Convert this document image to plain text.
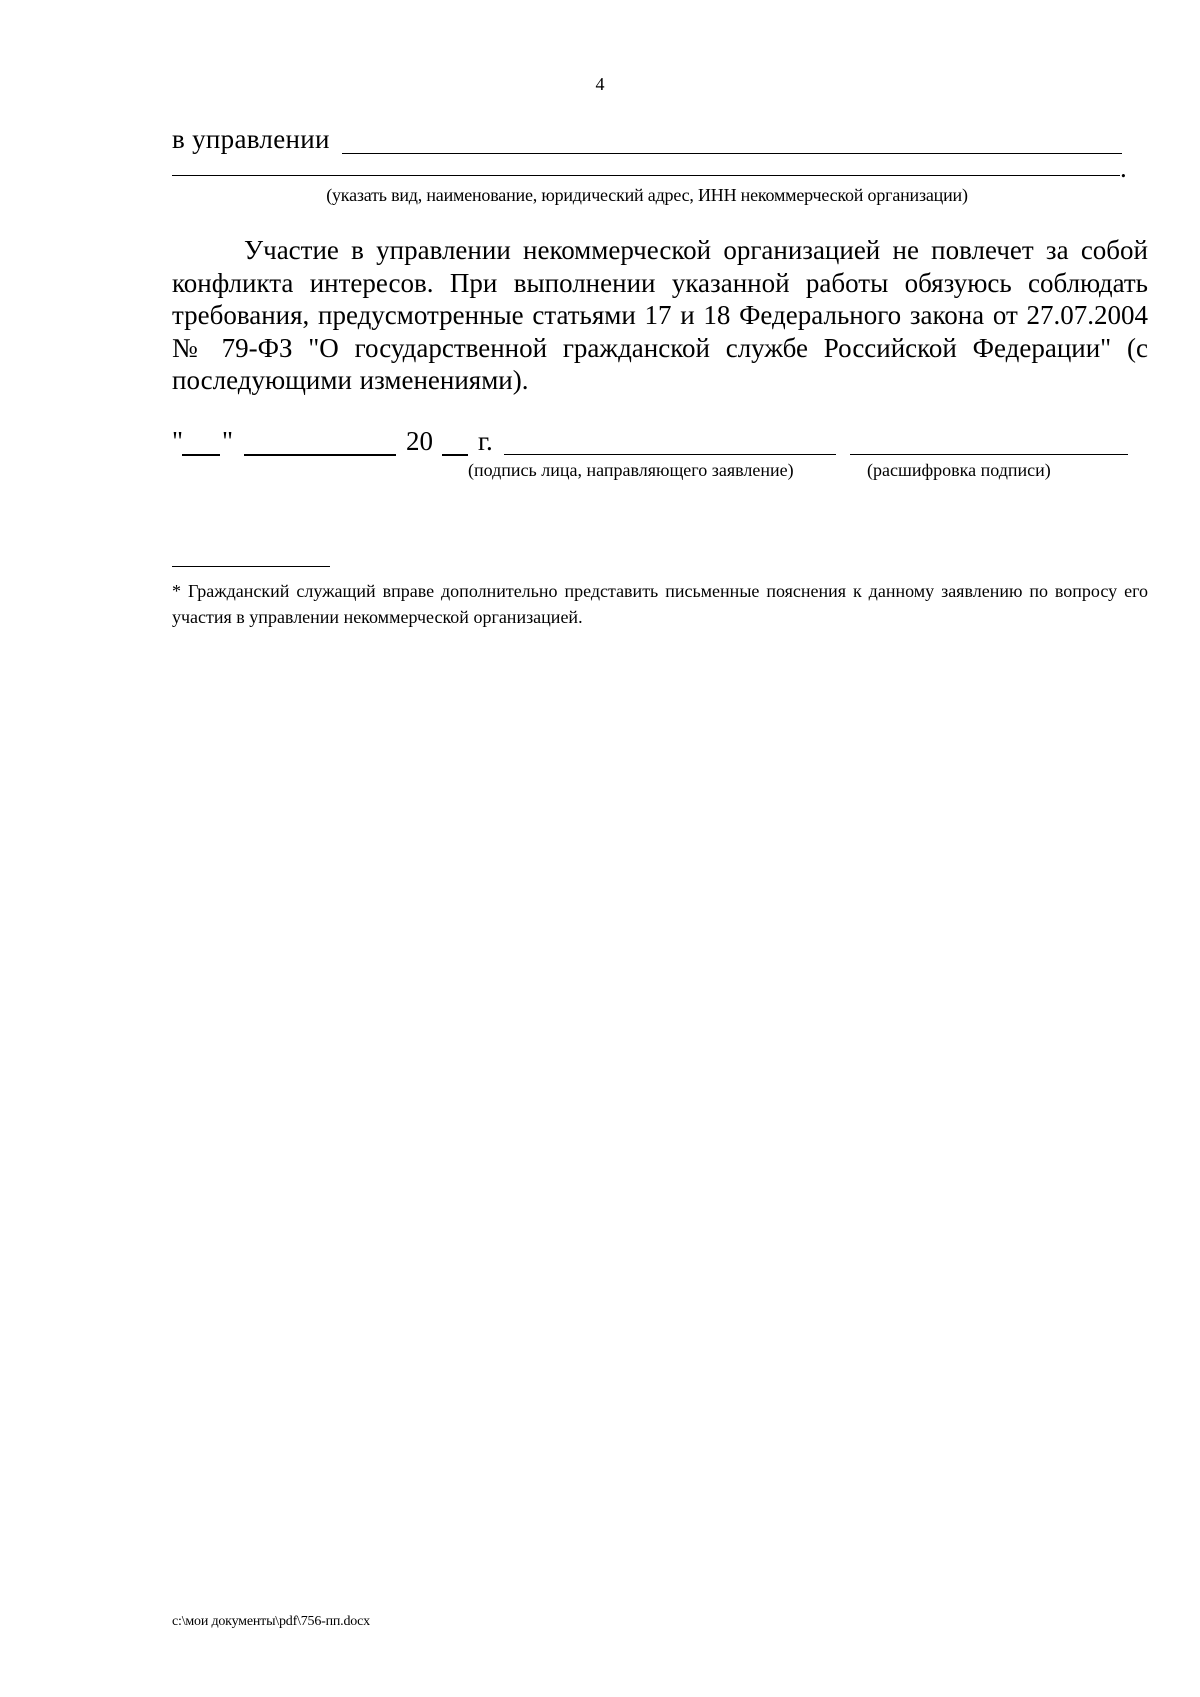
4
в управлении
.
(указать вид, наименование, юридический адрес, ИНН некоммерческой организации)
Участие в управлении некоммерческой организацией не повлечет за собой конфликта интересов. При выполнении указанной работы обязуюсь соблюдать требования, предусмотренные статьями 17 и 18 Федерального закона от 27.07.2004 № 79-ФЗ "О государственной гражданской службе Российской Федерации" (с последующими изменениями).
" "	20 г.
(подпись лица, направляющего заявление)	(расшифровка подписи)
* Гражданский служащий вправе дополнительно представить письменные пояснения к данному заявлению по вопросу его участия в управлении некоммерческой организацией.
c:\мои документы\pdf\756-пп.docx
